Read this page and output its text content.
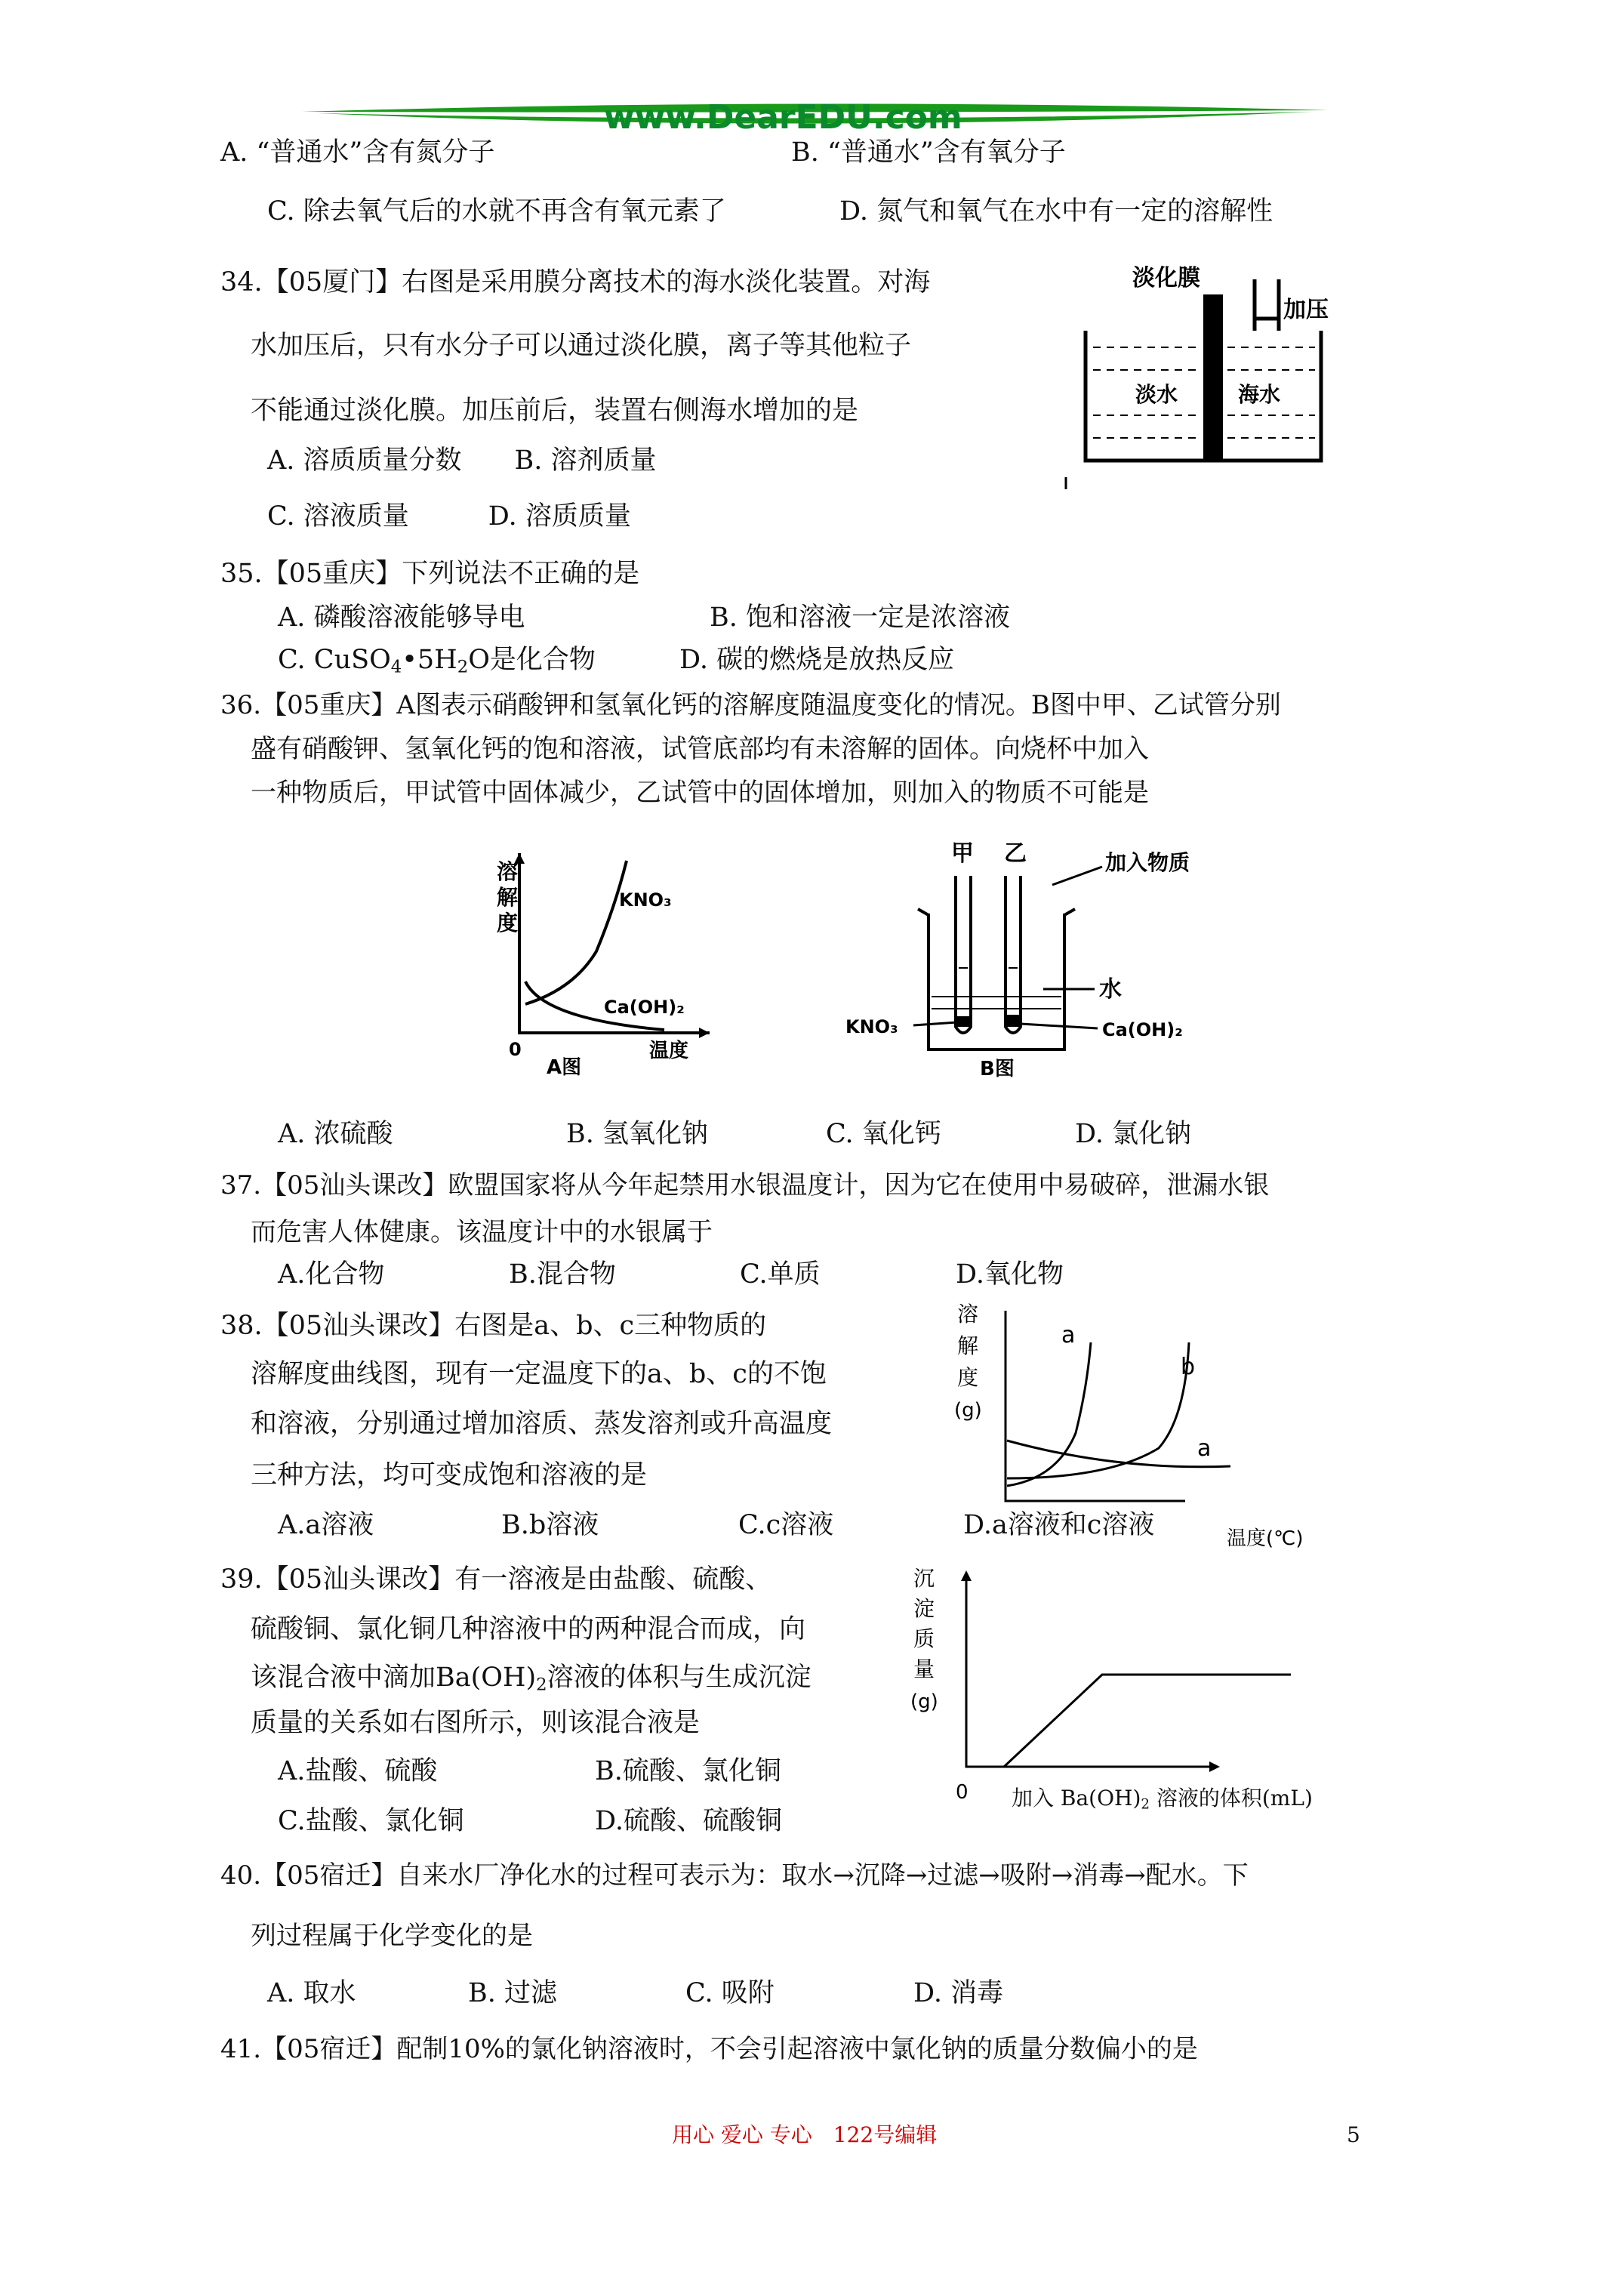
www.DearEDU.com
A. “普通水”含有氮分子	B. “普通水”含有氧分子
C. 除去氧气后的水就不再含有氧元素了	D. 氮气和氧气在水中有一定的溶解性
34.【05厦门】右图是采用膜分离技术的海水淡化装置。对海
水加压后，只有水分子可以通过淡化膜，离子等其他粒子
不能通过淡化膜。加压前后，装置右侧海水增加的是
A. 溶质质量分数　　B. 溶剂质量
C. 溶液质量　　　D. 溶质质量
淡化膜
加压
淡水	海水
35.【05重庆】下列说法不正确的是
A. 磷酸溶液能够导电	B. 饱和溶液一定是浓溶液
C. $CuSO_4•5H_2O$是化合物	D. 碳的燃烧是放热反应
36.【05重庆】A图表示硝酸钾和氢氧化钙的溶解度随温度变化的情况。B图中甲、乙试管分别
盛有硝酸钾、氢氧化钙的饱和溶液，试管底部均有未溶解的固体。向烧杯中加入
一种物质后，甲试管中固体减少，乙试管中的固体增加，则加入的物质不可能是
溶
解
度
KNO₃
Ca(OH)₂
0	温度
A图
甲 乙	加入物质
水
KNO₃	Ca(OH)₂
B图
A. 浓硫酸	B. 氢氧化钠	C. 氧化钙	D. 氯化钠
37.【05汕头课改】欧盟国家将从今年起禁用水银温度计，因为它在使用中易破碎，泄漏水银
而危害人体健康。该温度计中的水银属于
A.化合物	B.混合物	C.单质	D.氧化物
38.【05汕头课改】右图是a、b、c三种物质的
溶解度曲线图，现有一定温度下的a、b、c的不饱
和溶液，分别通过增加溶质、蒸发溶剂或升高温度
三种方法，均可变成饱和溶液的是
A.a溶液	B.b溶液	C.c溶液	D.a溶液和c溶液
溶
解
度
(g)
a
b
a
温度(℃)
39.【05汕头课改】有一溶液是由盐酸、硫酸、
硫酸铜、氯化铜几种溶液中的两种混合而成，向
该混合液中滴加$Ba(OH)_2$溶液的体积与生成沉淀
质量的关系如右图所示，则该混合液是
A.盐酸、硫酸	B.硫酸、氯化铜
C.盐酸、氯化铜	D.硫酸、硫酸铜
沉
淀
质
量
(g)
0 加入 $Ba(OH)_2$ 溶液的体积(mL)
40.【05宿迁】自来水厂净化水的过程可表示为：取水→沉降→过滤→吸附→消毒→配水。下
列过程属于化学变化的是
A. 取水	B. 过滤	C. 吸附	D. 消毒
41.【05宿迁】配制10%的氯化钠溶液时，不会引起溶液中氯化钠的质量分数偏小的是
用心 爱心 专心　122号编辑	5
